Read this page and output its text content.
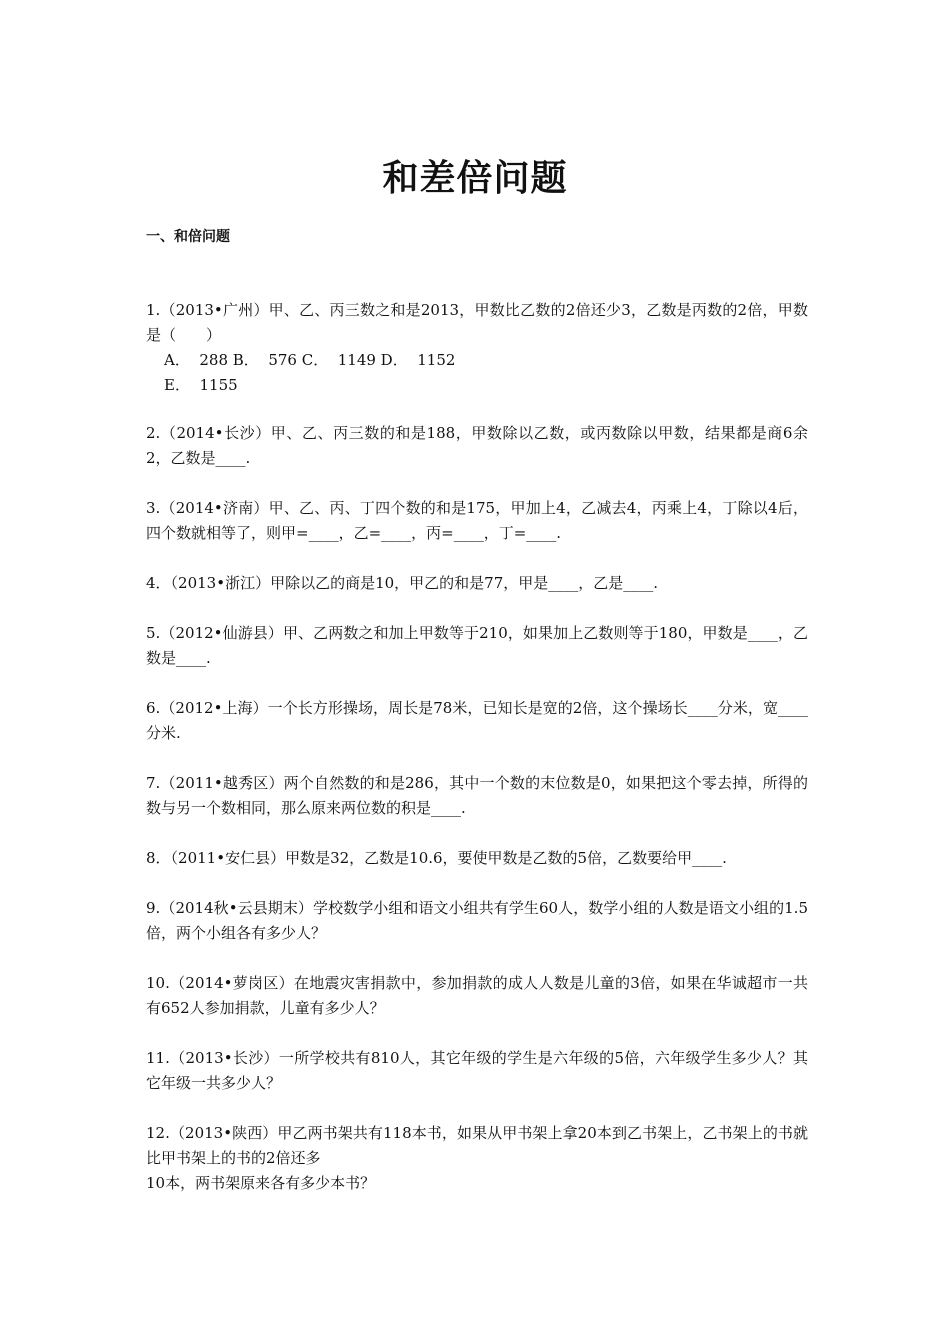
和差倍问题
一、和倍问题
1.（2013•广州）甲、乙、丙三数之和是2013，甲数比乙数的2倍还少3，乙数是丙数的2倍，甲数是（　　）
A．  288 B．  576 C．  1149 D．  1152
E．  1155
2.（2014•长沙）甲、乙、丙三数的和是188，甲数除以乙数，或丙数除以甲数，结果都是商6余2，乙数是____.
3.（2014•济南）甲、乙、丙、丁四个数的和是175，甲加上4，乙减去4，丙乘上4，丁除以4后，四个数就相等了，则甲=____，乙=____，丙=____，丁=____.
4．（2013•浙江）甲除以乙的商是10，甲乙的和是77，甲是____，乙是____.
5.（2012•仙游县）甲、乙两数之和加上甲数等于210，如果加上乙数则等于180，甲数是____，乙数是____.
6.（2012•上海）一个长方形操场，周长是78米，已知长是宽的2倍，这个操场长____分米，宽____分米.
7.（2011•越秀区）两个自然数的和是286，其中一个数的末位数是0，如果把这个零去掉，所得的数与另一个数相同，那么原来两位数的积是____.
8．（2011•安仁县）甲数是32，乙数是10.6，要使甲数是乙数的5倍，乙数要给甲____.
9.（2014秋•云县期末）学校数学小组和语文小组共有学生60人，数学小组的人数是语文小组的1.5倍，两个小组各有多少人？
10.（2014•萝岗区）在地震灾害捐款中，参加捐款的成人人数是儿童的3倍，如果在华诚超市一共有652人参加捐款，儿童有多少人？
11.（2013•长沙）一所学校共有810人，其它年级的学生是六年级的5倍，六年级学生多少人？其它年级一共多少人？
12.（2013•陕西）甲乙两书架共有118本书，如果从甲书架上拿20本到乙书架上，乙书架上的书就比甲书架上的书的2倍还多
10本，两书架原来各有多少本书？
